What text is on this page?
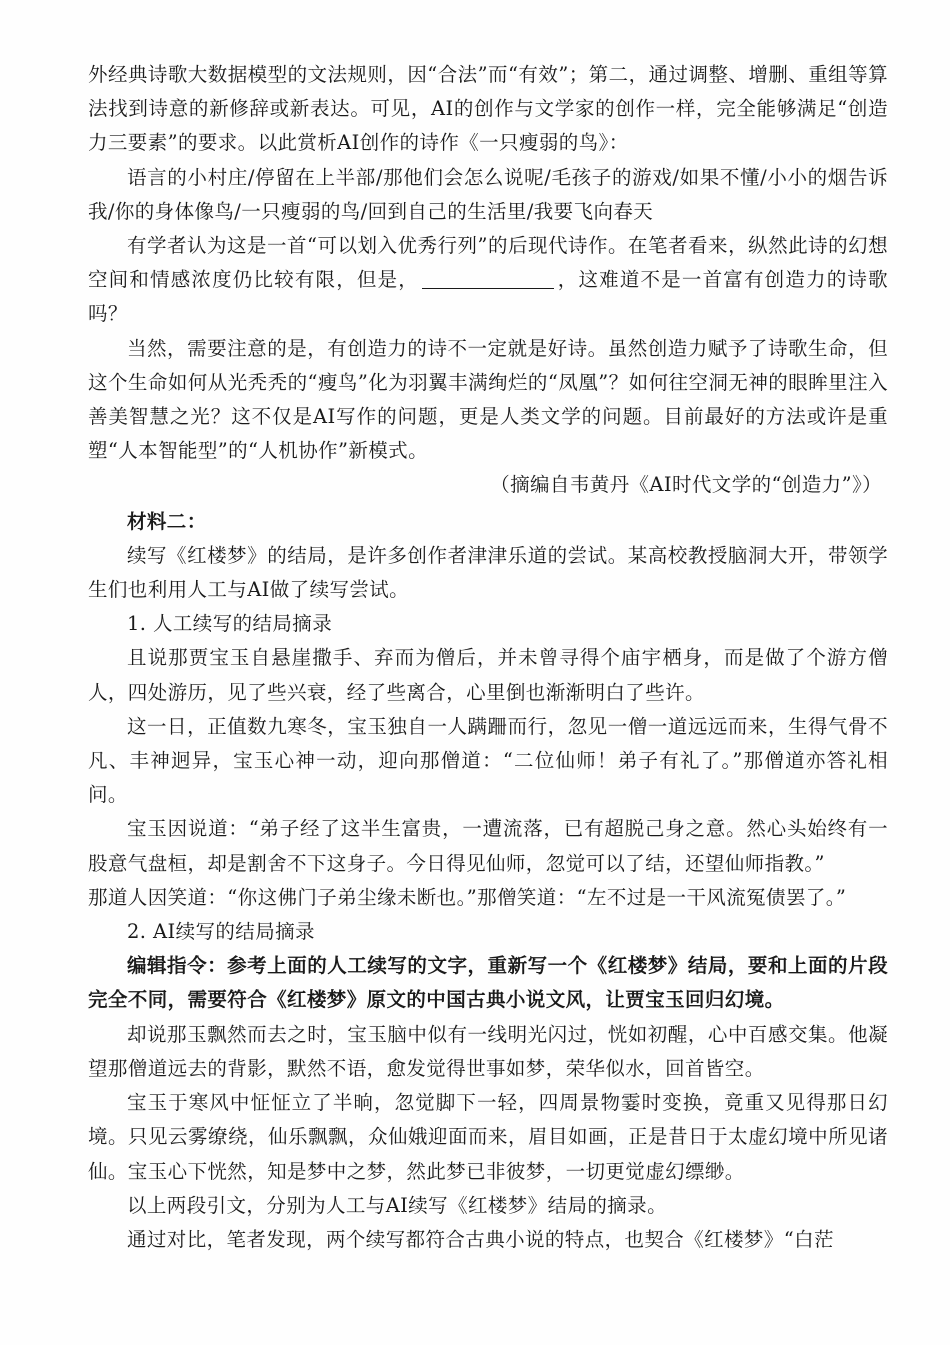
外经典诗歌大数据模型的文法规则，因“合法”而“有效”；第二，通过调整、增删、重组等算法找到诗意的新修辞或新表达。可见，AI的创作与文学家的创作一样，完全能够满足“创造力三要素”的要求。以此赏析AI创作的诗作《一只瘦弱的鸟》：

语言的小村庄/停留在上半部/那他们会怎么说呢/毛孩子的游戏/如果不懂/小小的烟告诉我/你的身体像鸟/一只瘦弱的鸟/回到自己的生活里/我要飞向春天

有学者认为这是一首“可以划入优秀行列”的后现代诗作。在笔者看来，纵然此诗的幻想空间和情感浓度仍比较有限，但是，	，这难道不是一首富有创造力的诗歌吗？

当然，需要注意的是，有创造力的诗不一定就是好诗。虽然创造力赋予了诗歌生命，但这个生命如何从光秃秃的“瘦鸟”化为羽翼丰满绚烂的“凤凰”？如何往空洞无神的眼眸里注入善美智慧之光？这不仅是AI写作的问题，更是人类文学的问题。目前最好的方法或许是重塑“人本智能型”的“人机协作”新模式。

（摘编自韦黄丹《AI时代文学的“创造力”》）

材料二：

续写《红楼梦》的结局，是许多创作者津津乐道的尝试。某高校教授脑洞大开，带领学生们也利用人工与AI做了续写尝试。

1. 人工续写的结局摘录

且说那贾宝玉自悬崖撒手、弃而为僧后，并未曾寻得个庙宇栖身，而是做了个游方僧人，四处游历，见了些兴衰，经了些离合，心里倒也渐渐明白了些许。

这一日，正值数九寒冬，宝玉独自一人蹒跚而行，忽见一僧一道远远而来，生得气骨不凡、丰神迥异，宝玉心神一动，迎向那僧道：“二位仙师！弟子有礼了。”那僧道亦答礼相问。

宝玉因说道：“弟子经了这半生富贵，一遭流落，已有超脱己身之意。然心头始终有一股意气盘桓，却是割舍不下这身子。今日得见仙师，忽觉可以了结，还望仙师指教。”

那道人因笑道：“你这佛门子弟尘缘未断也。”那僧笑道：“左不过是一干风流冤债罢了。”

2. AI续写的结局摘录

编辑指令：参考上面的人工续写的文字，重新写一个《红楼梦》结局，要和上面的片段完全不同，需要符合《红楼梦》原文的中国古典小说文风，让贾宝玉回归幻境。

却说那玉飘然而去之时，宝玉脑中似有一线明光闪过，恍如初醒，心中百感交集。他凝望那僧道远去的背影，默然不语，愈发觉得世事如梦，荣华似水，回首皆空。

宝玉于寒风中怔怔立了半晌，忽觉脚下一轻，四周景物霎时变换，竟重又见得那日幻境。只见云雾缭绕，仙乐飘飘，众仙娥迎面而来，眉目如画，正是昔日于太虚幻境中所见诸仙。宝玉心下恍然，知是梦中之梦，然此梦已非彼梦，一切更觉虚幻缥缈。

以上两段引文，分别为人工与AI续写《红楼梦》结局的摘录。

通过对比，笔者发现，两个续写都符合古典小说的特点，也契合《红楼梦》“白茫
